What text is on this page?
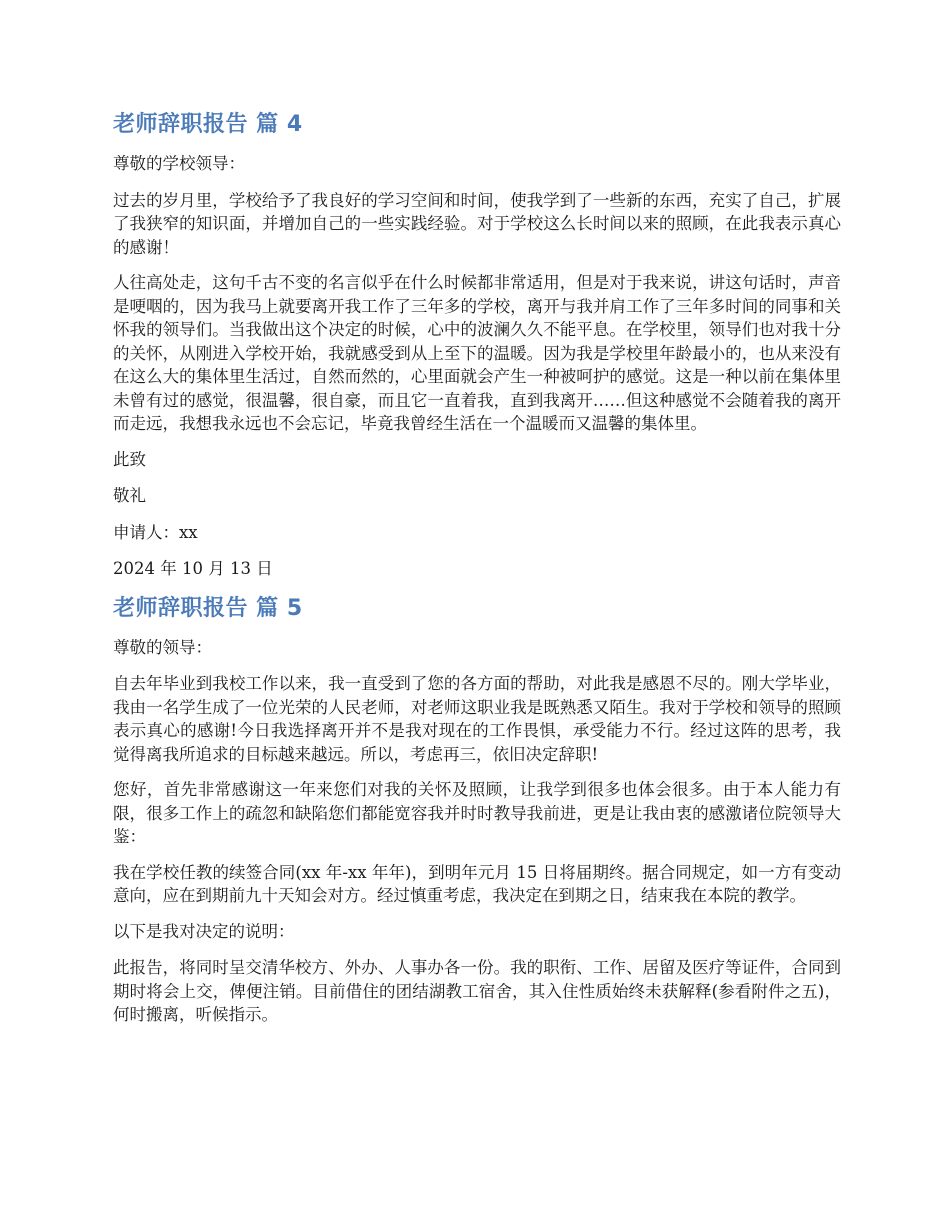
老师辞职报告 篇 4

尊敬的学校领导：

过去的岁月里，学校给予了我良好的学习空间和时间，使我学到了一些新的东西，充实了自己，扩展了我狭窄的知识面，并增加自己的一些实践经验。对于学校这么长时间以来的照顾，在此我表示真心的感谢！

人往高处走，这句千古不变的名言似乎在什么时候都非常适用，但是对于我来说，讲这句话时，声音是哽咽的，因为我马上就要离开我工作了三年多的学校，离开与我并肩工作了三年多时间的同事和关怀我的领导们。当我做出这个决定的时候，心中的波澜久久不能平息。在学校里，领导们也对我十分的关怀，从刚进入学校开始，我就感受到从上至下的温暖。因为我是学校里年龄最小的，也从来没有在这么大的集体里生活过，自然而然的，心里面就会产生一种被呵护的感觉。这是一种以前在集体里未曾有过的感觉，很温馨，很自豪，而且它一直着我，直到我离开……但这种感觉不会随着我的离开而走远，我想我永远也不会忘记，毕竟我曾经生活在一个温暖而又温馨的集体里。

此致

敬礼

申请人：xx

2024 年 10 月 13 日

老师辞职报告 篇 5

尊敬的领导：

自去年毕业到我校工作以来，我一直受到了您的各方面的帮助，对此我是感恩不尽的。刚大学毕业，我由一名学生成了一位光荣的人民老师，对老师这职业我是既熟悉又陌生。我对于学校和领导的照顾表示真心的感谢!今日我选择离开并不是我对现在的工作畏惧，承受能力不行。经过这阵的思考，我觉得离我所追求的目标越来越远。所以，考虑再三，依旧决定辞职!

您好，首先非常感谢这一年来您们对我的关怀及照顾，让我学到很多也体会很多。由于本人能力有限，很多工作上的疏忽和缺陷您们都能宽容我并时时教导我前进，更是让我由衷的感激诸位院领导大鉴：

我在学校任教的续签合同(xx 年-xx 年年)，到明年元月 15 日将届期终。据合同规定，如一方有变动意向，应在到期前九十天知会对方。经过慎重考虑，我决定在到期之日，结束我在本院的教学。

以下是我对决定的说明：

此报告，将同时呈交清华校方、外办、人事办各一份。我的职衔、工作、居留及医疗等证件，合同到期时将会上交，俾便注销。目前借住的团结湖教工宿舍，其入住性质始终未获解释(参看附件之五)，何时搬离，听候指示。
